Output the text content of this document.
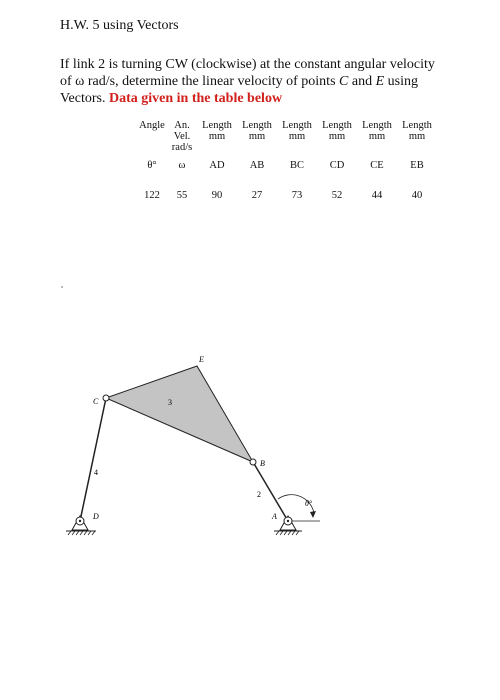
H.W. 5 using Vectors
If link 2 is turning CW (clockwise) at the constant angular velocity of ω rad/s, determine the linear velocity of points C and E using Vectors. Data given in the table below
Angle	An. Vel. rad/s	Length mm	Length mm	Length mm	Length mm	Length mm	Length mm
θ°	ω	AD	AB	BC	CD	CE	EB
122	55	90	27	73	52	44	40
E
C
B
D	A
3
4
2
θ°
